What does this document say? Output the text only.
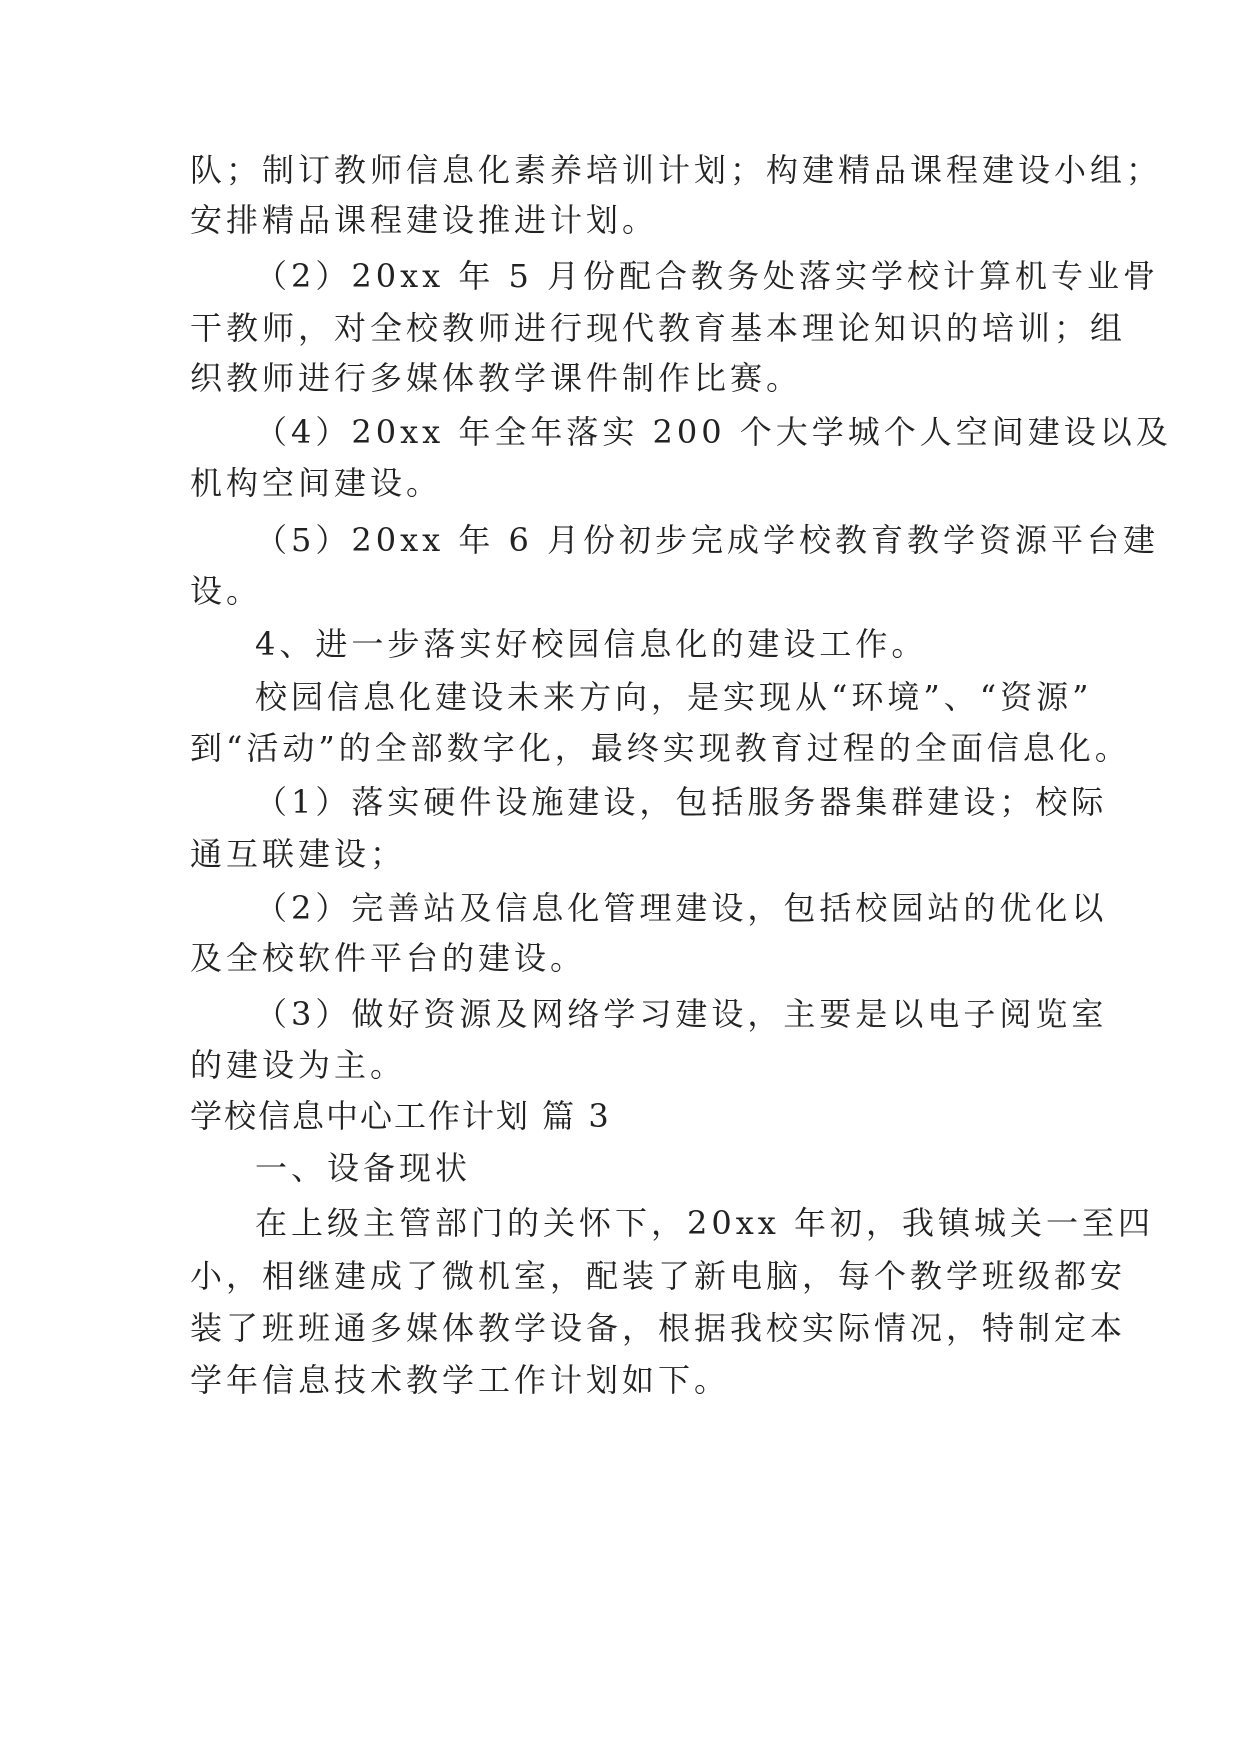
队；制订教师信息化素养培训计划；构建精品课程建设小组；
安排精品课程建设推进计划。
（2）20xx 年 5 月份配合教务处落实学校计算机专业骨
干教师，对全校教师进行现代教育基本理论知识的培训；组
织教师进行多媒体教学课件制作比赛。
（4）20xx 年全年落实 200 个大学城个人空间建设以及
机构空间建设。
（5）20xx 年 6 月份初步完成学校教育教学资源平台建
设。
4、进一步落实好校园信息化的建设工作。
校园信息化建设未来方向，是实现从“环境”、“资源”
到“活动”的全部数字化，最终实现教育过程的全面信息化。
（1）落实硬件设施建设，包括服务器集群建设；校际
通互联建设；
（2）完善站及信息化管理建设，包括校园站的优化以
及全校软件平台的建设。
（3）做好资源及网络学习建设，主要是以电子阅览室
的建设为主。
学校信息中心工作计划 篇 3
一、设备现状
在上级主管部门的关怀下，20xx 年初，我镇城关一至四
小，相继建成了微机室，配装了新电脑，每个教学班级都安
装了班班通多媒体教学设备，根据我校实际情况，特制定本
学年信息技术教学工作计划如下。
